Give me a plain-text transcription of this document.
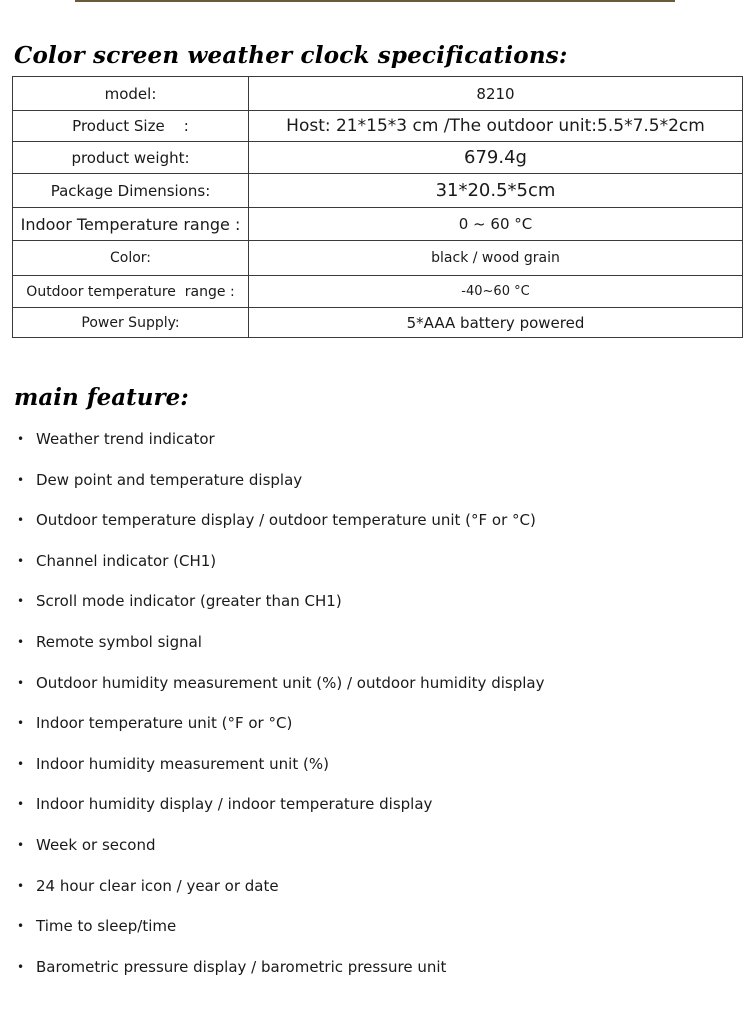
Color screen weather clock specifications:
model:	8210
Product Size    :	Host: 21*15*3 cm /The outdoor unit:5.5*7.5*2cm
product weight:	679.4g
Package Dimensions:	31*20.5*5cm
Indoor Temperature range :	0 ~ 60 °C
Color:	black / wood grain
Outdoor temperature  range :	-40~60 °C
Power Supply:	5*AAA battery powered
main feature:
• Weather trend indicator
• Dew point and temperature display
• Outdoor temperature display / outdoor temperature unit (°F or °C)
• Channel indicator (CH1)
• Scroll mode indicator (greater than CH1)
• Remote symbol signal
• Outdoor humidity measurement unit (%) / outdoor humidity display
• Indoor temperature unit (°F or °C)
• Indoor humidity measurement unit (%)
• Indoor humidity display / indoor temperature display
• Week or second
• 24 hour clear icon / year or date
• Time to sleep/time
• Barometric pressure display / barometric pressure unit
